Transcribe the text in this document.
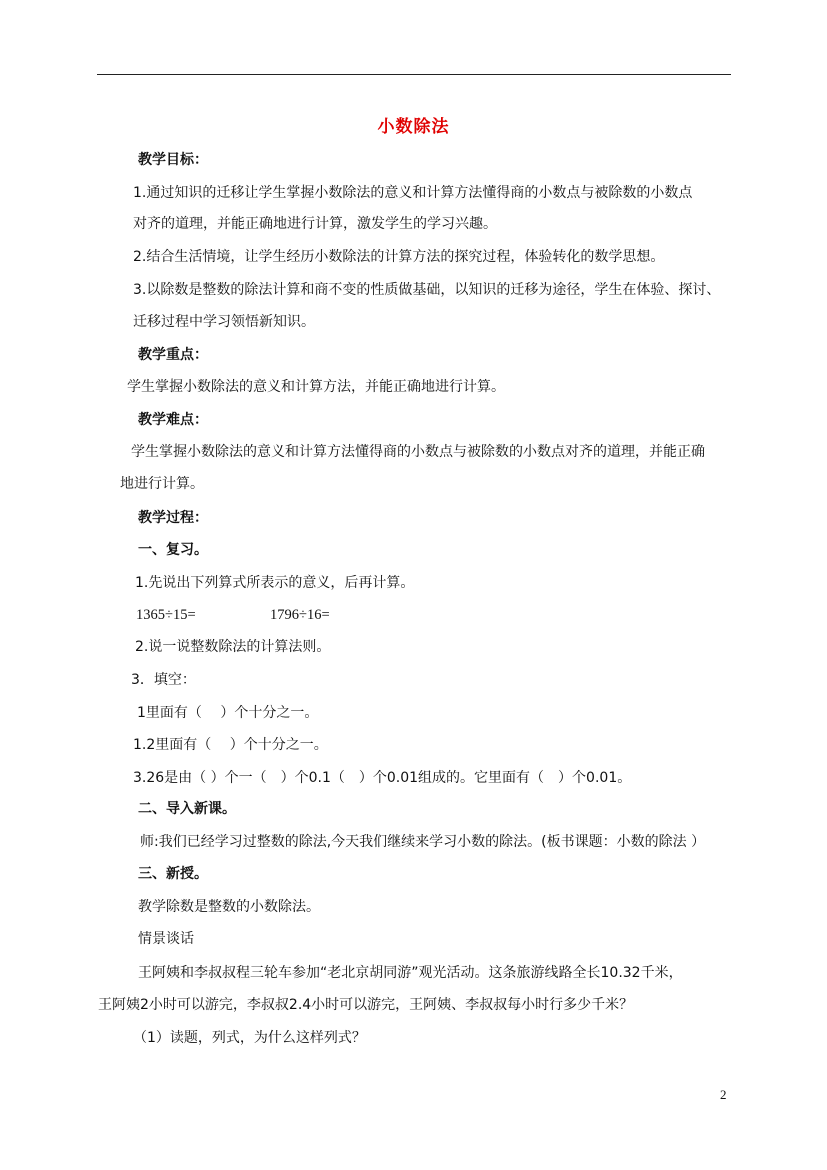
小数除法
教学目标：
1.通过知识的迁移让学生掌握小数除法的意义和计算方法懂得商的小数点与被除数的小数点
对齐的道理，并能正确地进行计算，激发学生的学习兴趣。
2.结合生活情境，让学生经历小数除法的计算方法的探究过程，体验转化的数学思想。
3.以除数是整数的除法计算和商不变的性质做基础，以知识的迁移为途径，学生在体验、探讨、
迁移过程中学习领悟新知识。
教学重点：
学生掌握小数除法的意义和计算方法，并能正确地进行计算。
教学难点：
学生掌握小数除法的意义和计算方法懂得商的小数点与被除数的小数点对齐的道理，并能正确
地进行计算。
教学过程：
一、复习。
1.先说出下列算式所表示的意义，后再计算。
1365÷15=	1796÷16=
2.说一说整数除法的计算法则。
3．填空：
1里面有（　 ）个十分之一。
1.2里面有（　 ）个十分之一。
3.26是由（ ）个一（　）个0.1（　）个0.01组成的。它里面有（　）个0.01。
二、导入新课。
师:我们已经学习过整数的除法,今天我们继续来学习小数的除法。(板书课题：小数的除法 ）
三、新授。
教学除数是整数的小数除法。
情景谈话
王阿姨和李叔叔程三轮车参加“老北京胡同游”观光活动。这条旅游线路全长10.32千米，
王阿姨2小时可以游完，李叔叔2.4小时可以游完，王阿姨、李叔叔每小时行多少千米？
（1）读题，列式，为什么这样列式？
2
